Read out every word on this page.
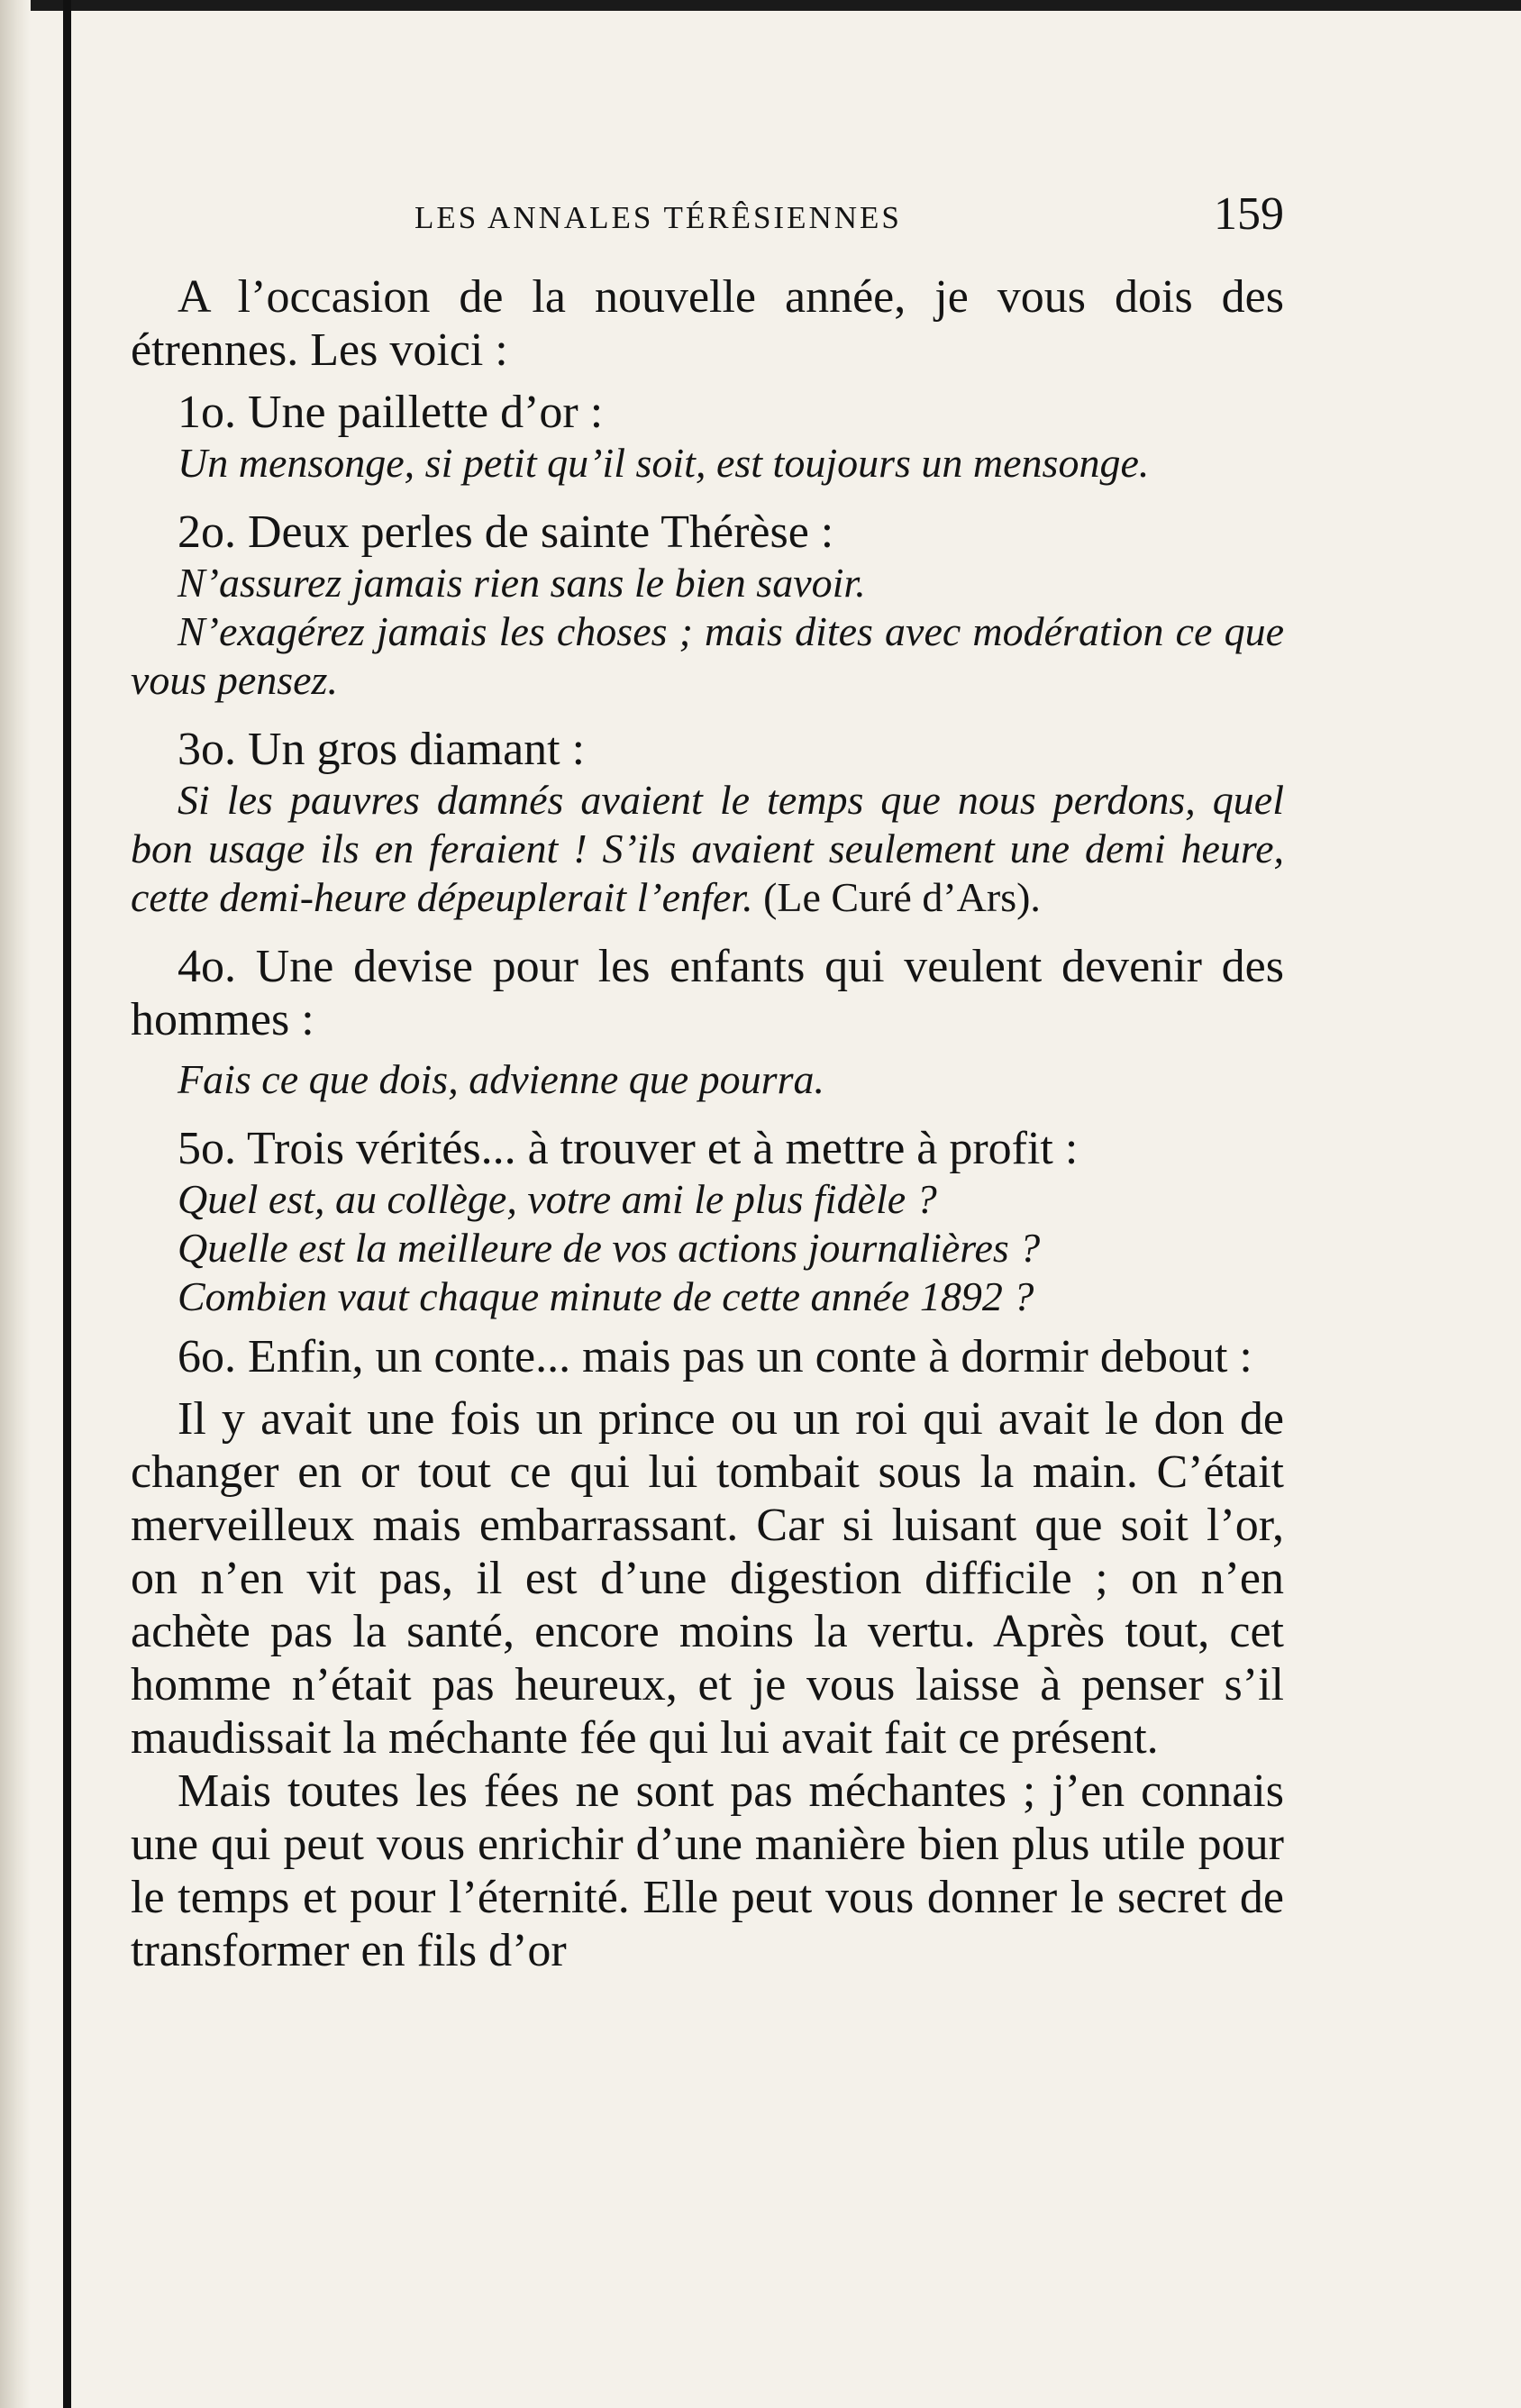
LES ANNALES TÉRÊSIENNES	159

A l’occasion de la nouvelle année, je vous dois des étrennes. Les voici :

1o. Une paillette d’or :

Un mensonge, si petit qu’il soit, est toujours un mensonge.

2o. Deux perles de sainte Thérèse :

N’assurez jamais rien sans le bien savoir.

N’exagérez jamais les choses ; mais dites avec modération ce que vous pensez.

3o. Un gros diamant :

Si les pauvres damnés avaient le temps que nous perdons, quel bon usage ils en feraient ! S’ils avaient seulement une demi heure, cette demi-heure dépeuplerait l’enfer. (Le Curé d’Ars).

4o. Une devise pour les enfants qui veulent devenir des hommes :

Fais ce que dois, advienne que pourra.

5o. Trois vérités... à trouver et à mettre à profit :

Quel est, au collège, votre ami le plus fidèle ?

Quelle est la meilleure de vos actions journalières ?

Combien vaut chaque minute de cette année 1892 ?

6o. Enfin, un conte... mais pas un conte à dormir debout :

Il y avait une fois un prince ou un roi qui avait le don de changer en or tout ce qui lui tombait sous la main. C’était merveilleux mais embarrassant. Car si luisant que soit l’or, on n’en vit pas, il est d’une digestion difficile ; on n’en achète pas la santé, encore moins la vertu. Après tout, cet homme n’était pas heureux, et je vous laisse à penser s’il maudissait la méchante fée qui lui avait fait ce présent.

Mais toutes les fées ne sont pas méchantes ; j’en connais une qui peut vous enrichir d’une manière bien plus utile pour le temps et pour l’éternité. Elle peut vous donner le secret de transformer en fils d’or
